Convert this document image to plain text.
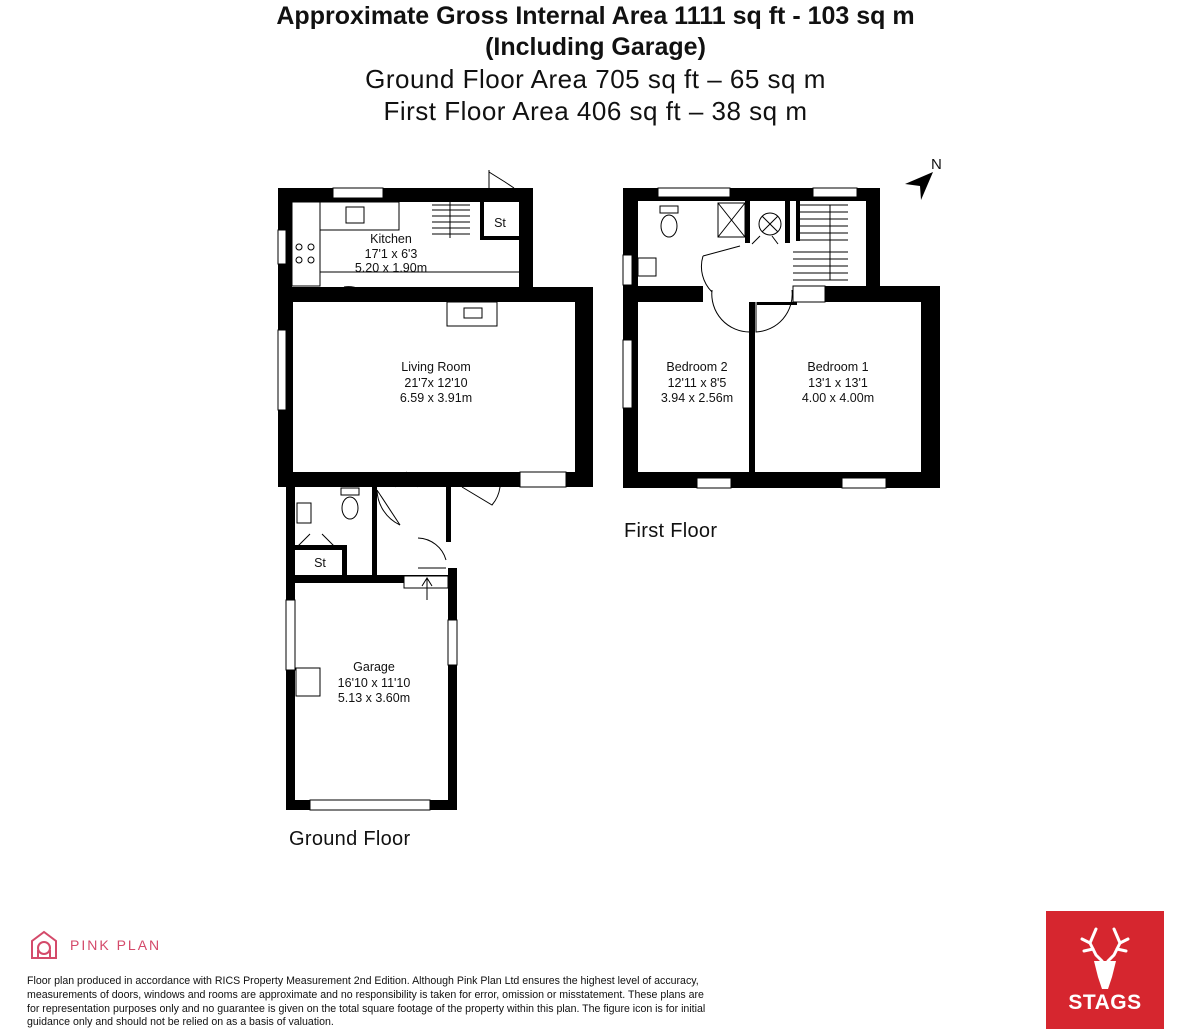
Approximate Gross Internal Area 1111 sq ft - 103 sq m
(Including Garage)
Ground Floor Area 705 sq ft – 65 sq m
First Floor Area 406 sq ft – 38 sq m
Kitchen
17'1 x 6'3
5.20 x 1.90m
St
Living Room
21'7x 12'10
6.59 x 3.91m
St
Garage
16'10 x 11'10
5.13 x 3.60m
Bedroom 2
12'11 x 8'5
3.94 x 2.56m
Bedroom 1
13'1 x 13'1
4.00 x 4.00m
N
First Floor
Ground Floor
PINK PLAN
Floor plan produced in accordance with RICS Property Measurement 2nd Edition. Although Pink Plan Ltd ensures the highest level of accuracy, measurements of doors, windows and rooms are approximate and no responsibility is taken for error, omission or misstatement. These plans are for representation purposes only and no guarantee is given on the total square footage of the property within this plan. The figure icon is for initial guidance only and should not be relied on as a basis of valuation.
STAGS
